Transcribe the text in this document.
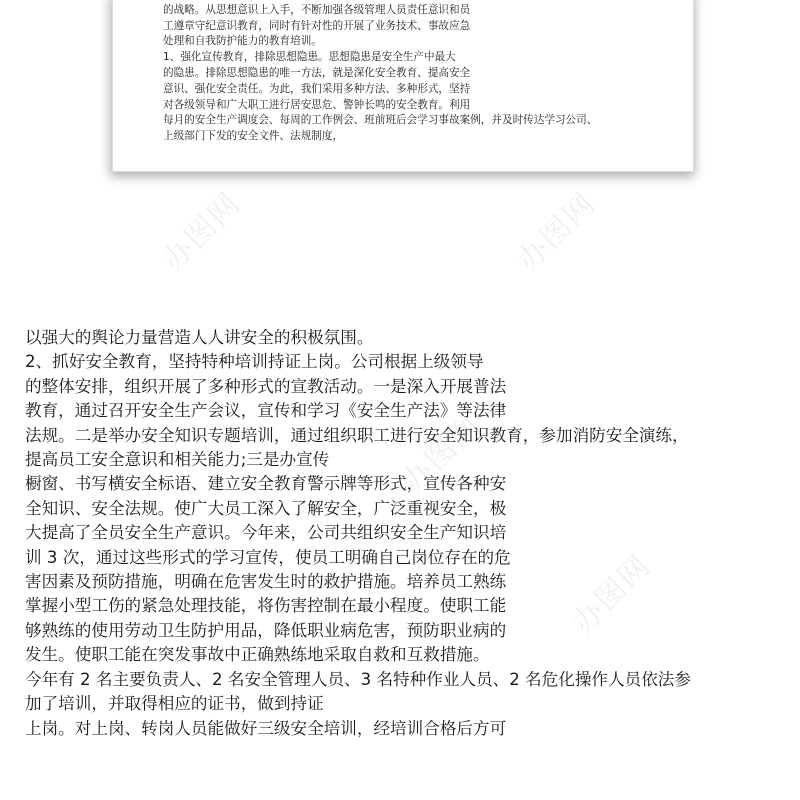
的战略。从思想意识上入手，不断加强各级管理人员责任意识和员
工遵章守纪意识教育，同时有针对性的开展了业务技术、事故应急
处理和自我防护能力的教育培训。
1、强化宣传教育，排除思想隐患。思想隐患是安全生产中最大
的隐患。排除思想隐患的唯一方法，就是深化安全教育、提高安全
意识、强化安全责任。为此，我们采用多种方法、多种形式，坚持
对各级领导和广大职工进行居安思危、警钟长鸣的安全教育。利用
每月的安全生产调度会、每周的工作例会、班前班后会学习事故案例，并及时传达学习公司、
上级部门下发的安全文件、法规制度，
办图网	办图网
办图网
办图网
以强大的舆论力量营造人人讲安全的积极氛围。
2、抓好安全教育，坚持特种培训持证上岗。公司根据上级领导
的整体安排，组织开展了多种形式的宣教活动。一是深入开展普法
教育，通过召开安全生产会议，宣传和学习《安全生产法》等法律
法规。二是举办安全知识专题培训，通过组织职工进行安全知识教育，参加消防安全演练，
提高员工安全意识和相关能力;三是办宣传
橱窗、书写横安全标语、建立安全教育警示牌等形式，宣传各种安
全知识、安全法规。使广大员工深入了解安全，广泛重视安全，极
大提高了全员安全生产意识。今年来，公司共组织安全生产知识培
训 3 次，通过这些形式的学习宣传，使员工明确自己岗位存在的危
害因素及预防措施，明确在危害发生时的救护措施。培养员工熟练
掌握小型工伤的紧急处理技能，将伤害控制在最小程度。使职工能
够熟练的使用劳动卫生防护用品，降低职业病危害，预防职业病的
发生。使职工能在突发事故中正确熟练地采取自救和互救措施。
今年有 2 名主要负责人、2 名安全管理人员、3 名特种作业人员、2 名危化操作人员依法参
加了培训，并取得相应的证书，做到持证
上岗。对上岗、转岗人员能做好三级安全培训，经培训合格后方可
